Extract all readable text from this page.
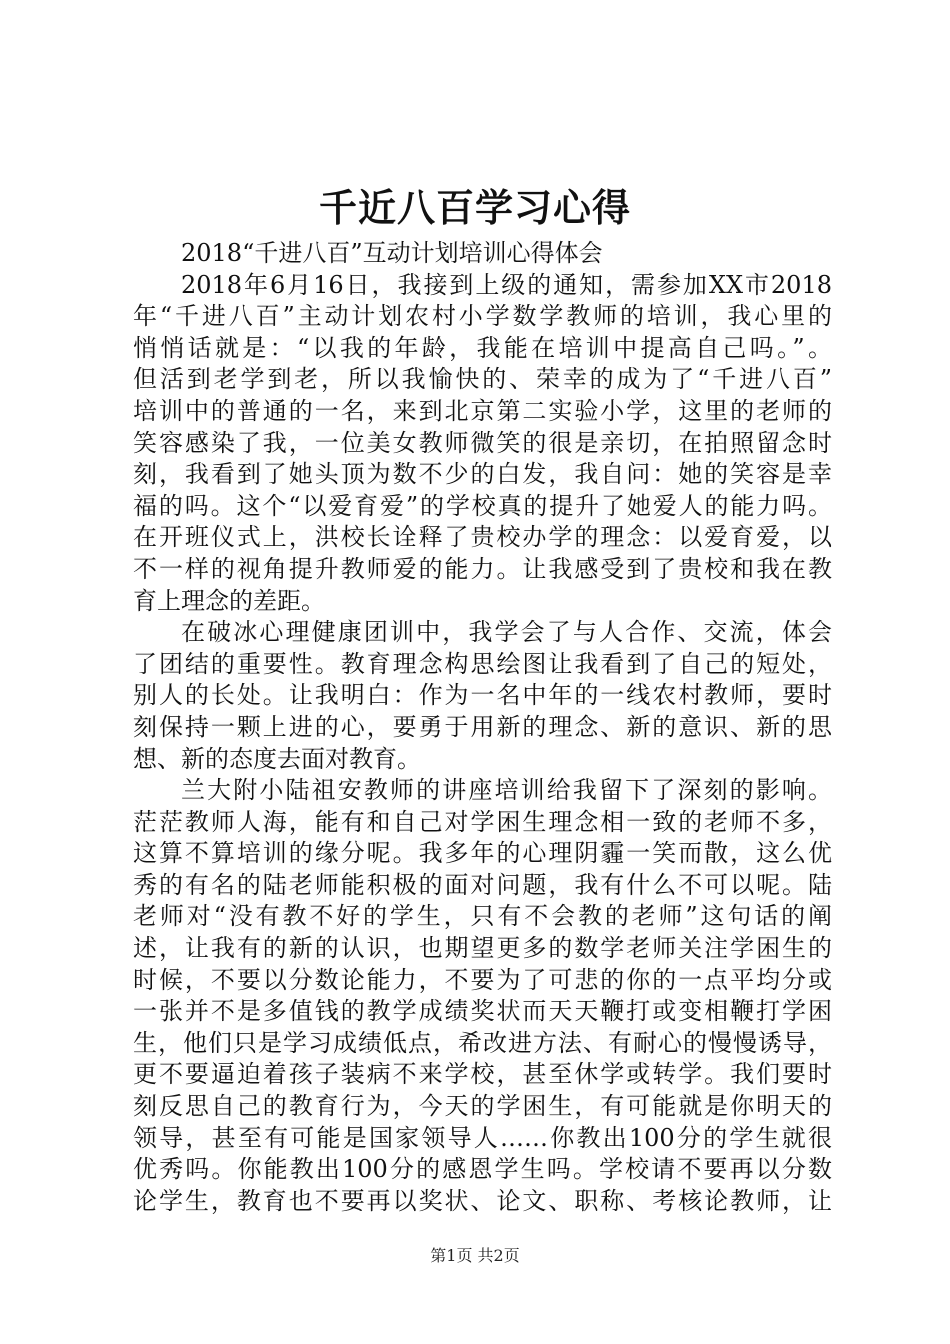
千近八百学习心得
2018“千进八百”互动计划培训心得体会
2018年6月16日，我接到上级的通知，需参加XX市2018
年“千进八百”主动计划农村小学数学教师的培训，我心里的
悄悄话就是：“以我的年龄，我能在培训中提高自己吗。”。
但活到老学到老，所以我愉快的、荣幸的成为了“千进八百”
培训中的普通的一名，来到北京第二实验小学，这里的老师的
笑容感染了我，一位美女教师微笑的很是亲切，在拍照留念时
刻，我看到了她头顶为数不少的白发，我自问：她的笑容是幸
福的吗。这个“以爱育爱”的学校真的提升了她爱人的能力吗。
在开班仪式上，洪校长诠释了贵校办学的理念：以爱育爱，以
不一样的视角提升教师爱的能力。让我感受到了贵校和我在教
育上理念的差距。
在破冰心理健康团训中，我学会了与人合作、交流，体会
了团结的重要性。教育理念构思绘图让我看到了自己的短处，
别人的长处。让我明白：作为一名中年的一线农村教师，要时
刻保持一颗上进的心，要勇于用新的理念、新的意识、新的思
想、新的态度去面对教育。
兰大附小陆祖安教师的讲座培训给我留下了深刻的影响。
茫茫教师人海，能有和自己对学困生理念相一致的老师不多，
这算不算培训的缘分呢。我多年的心理阴霾一笑而散，这么优
秀的有名的陆老师能积极的面对问题，我有什么不可以呢。陆
老师对“没有教不好的学生，只有不会教的老师”这句话的阐
述，让我有的新的认识，也期望更多的数学老师关注学困生的
时候，不要以分数论能力，不要为了可悲的你的一点平均分或
一张并不是多值钱的教学成绩奖状而天天鞭打或变相鞭打学困
生，他们只是学习成绩低点，希改进方法、有耐心的慢慢诱导，
更不要逼迫着孩子装病不来学校，甚至休学或转学。我们要时
刻反思自己的教育行为，今天的学困生，有可能就是你明天的
领导，甚至有可能是国家领导人……你教出100分的学生就很
优秀吗。你能教出100分的感恩学生吗。学校请不要再以分数
论学生，教育也不要再以奖状、论文、职称、考核论教师，让
第1页 共2页
